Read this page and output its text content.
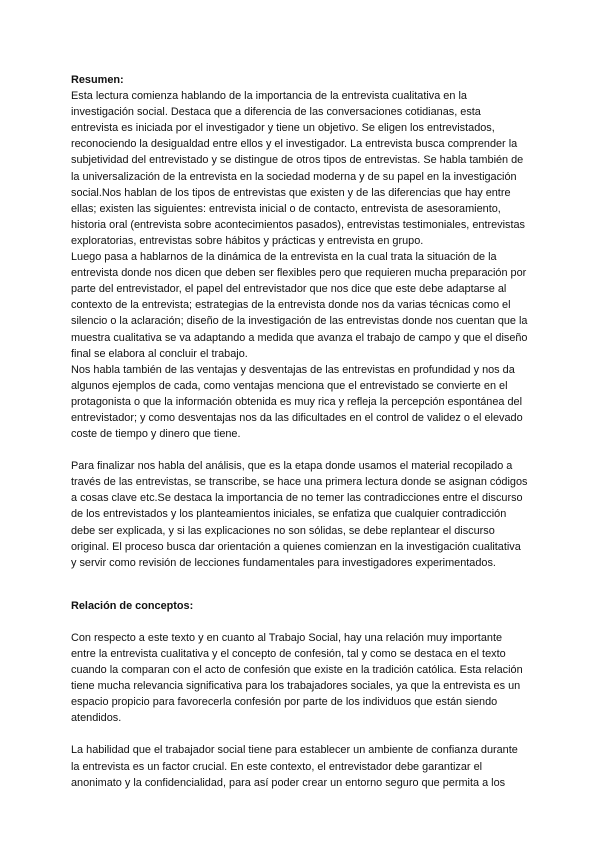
Resumen:

Esta lectura comienza hablando de la importancia de la entrevista cualitativa en la investigación social. Destaca que a diferencia de las conversaciones cotidianas, esta entrevista es iniciada por el investigador y tiene un objetivo. Se eligen los entrevistados, reconociendo la desigualdad entre ellos y el investigador. La entrevista busca comprender la subjetividad del entrevistado y se distingue de otros tipos de entrevistas. Se habla también de la universalización de la entrevista en la sociedad moderna y de su papel en la investigación social.Nos hablan de los tipos de entrevistas que existen y de las diferencias que hay entre ellas; existen las siguientes: entrevista inicial o de contacto, entrevista de asesoramiento, historia oral (entrevista sobre acontecimientos pasados), entrevistas testimoniales, entrevistas exploratorias, entrevistas sobre hábitos y prácticas y entrevista en grupo.

Luego pasa a hablarnos de la dinámica de la entrevista en la cual trata la situación de la entrevista donde nos dicen que deben ser flexibles pero que requieren mucha preparación por parte del entrevistador, el papel del entrevistador que nos dice que este debe adaptarse al contexto de la entrevista; estrategias de la entrevista donde nos da varias técnicas como el silencio o la aclaración; diseño de la investigación de las entrevistas donde nos cuentan que la muestra cualitativa se va adaptando a medida que avanza el trabajo de campo y que el diseño final se elabora al concluir el trabajo.

Nos habla también de las ventajas y desventajas de las entrevistas en profundidad y nos da algunos ejemplos de cada, como ventajas menciona que el entrevistado se convierte en el protagonista o que la información obtenida es muy rica y refleja la percepción espontánea del entrevistador; y como desventajas nos da las dificultades en el control de validez o el elevado coste de tiempo y dinero que tiene.

Para finalizar nos habla del análisis, que es la etapa donde usamos el material recopilado a través de las entrevistas, se transcribe, se hace una primera lectura donde se asignan códigos a cosas clave etc.Se destaca la importancia de no temer las contradicciones entre el discurso de los entrevistados y los planteamientos iniciales, se enfatiza que cualquier contradicción debe ser explicada, y si las explicaciones no son sólidas, se debe replantear el discurso original. El proceso busca dar orientación a quienes comienzan en la investigación cualitativa y servir como revisión de lecciones fundamentales para investigadores experimentados.

Relación de conceptos:

Con respecto a este texto y en cuanto al Trabajo Social, hay una relación muy importante entre la entrevista cualitativa y el concepto de confesión, tal y como se destaca en el texto cuando la comparan con el acto de confesión que existe en la tradición católica. Esta relación tiene mucha relevancia significativa para los trabajadores sociales, ya que la entrevista es un espacio propicio para favorecerla confesión por parte de los individuos que están siendo atendidos.

La habilidad que el trabajador social tiene para establecer un ambiente de confianza durante la entrevista es un factor crucial. En este contexto, el entrevistador debe garantizar el anonimato y la confidencialidad, para así poder crear un entorno seguro que permita a los
